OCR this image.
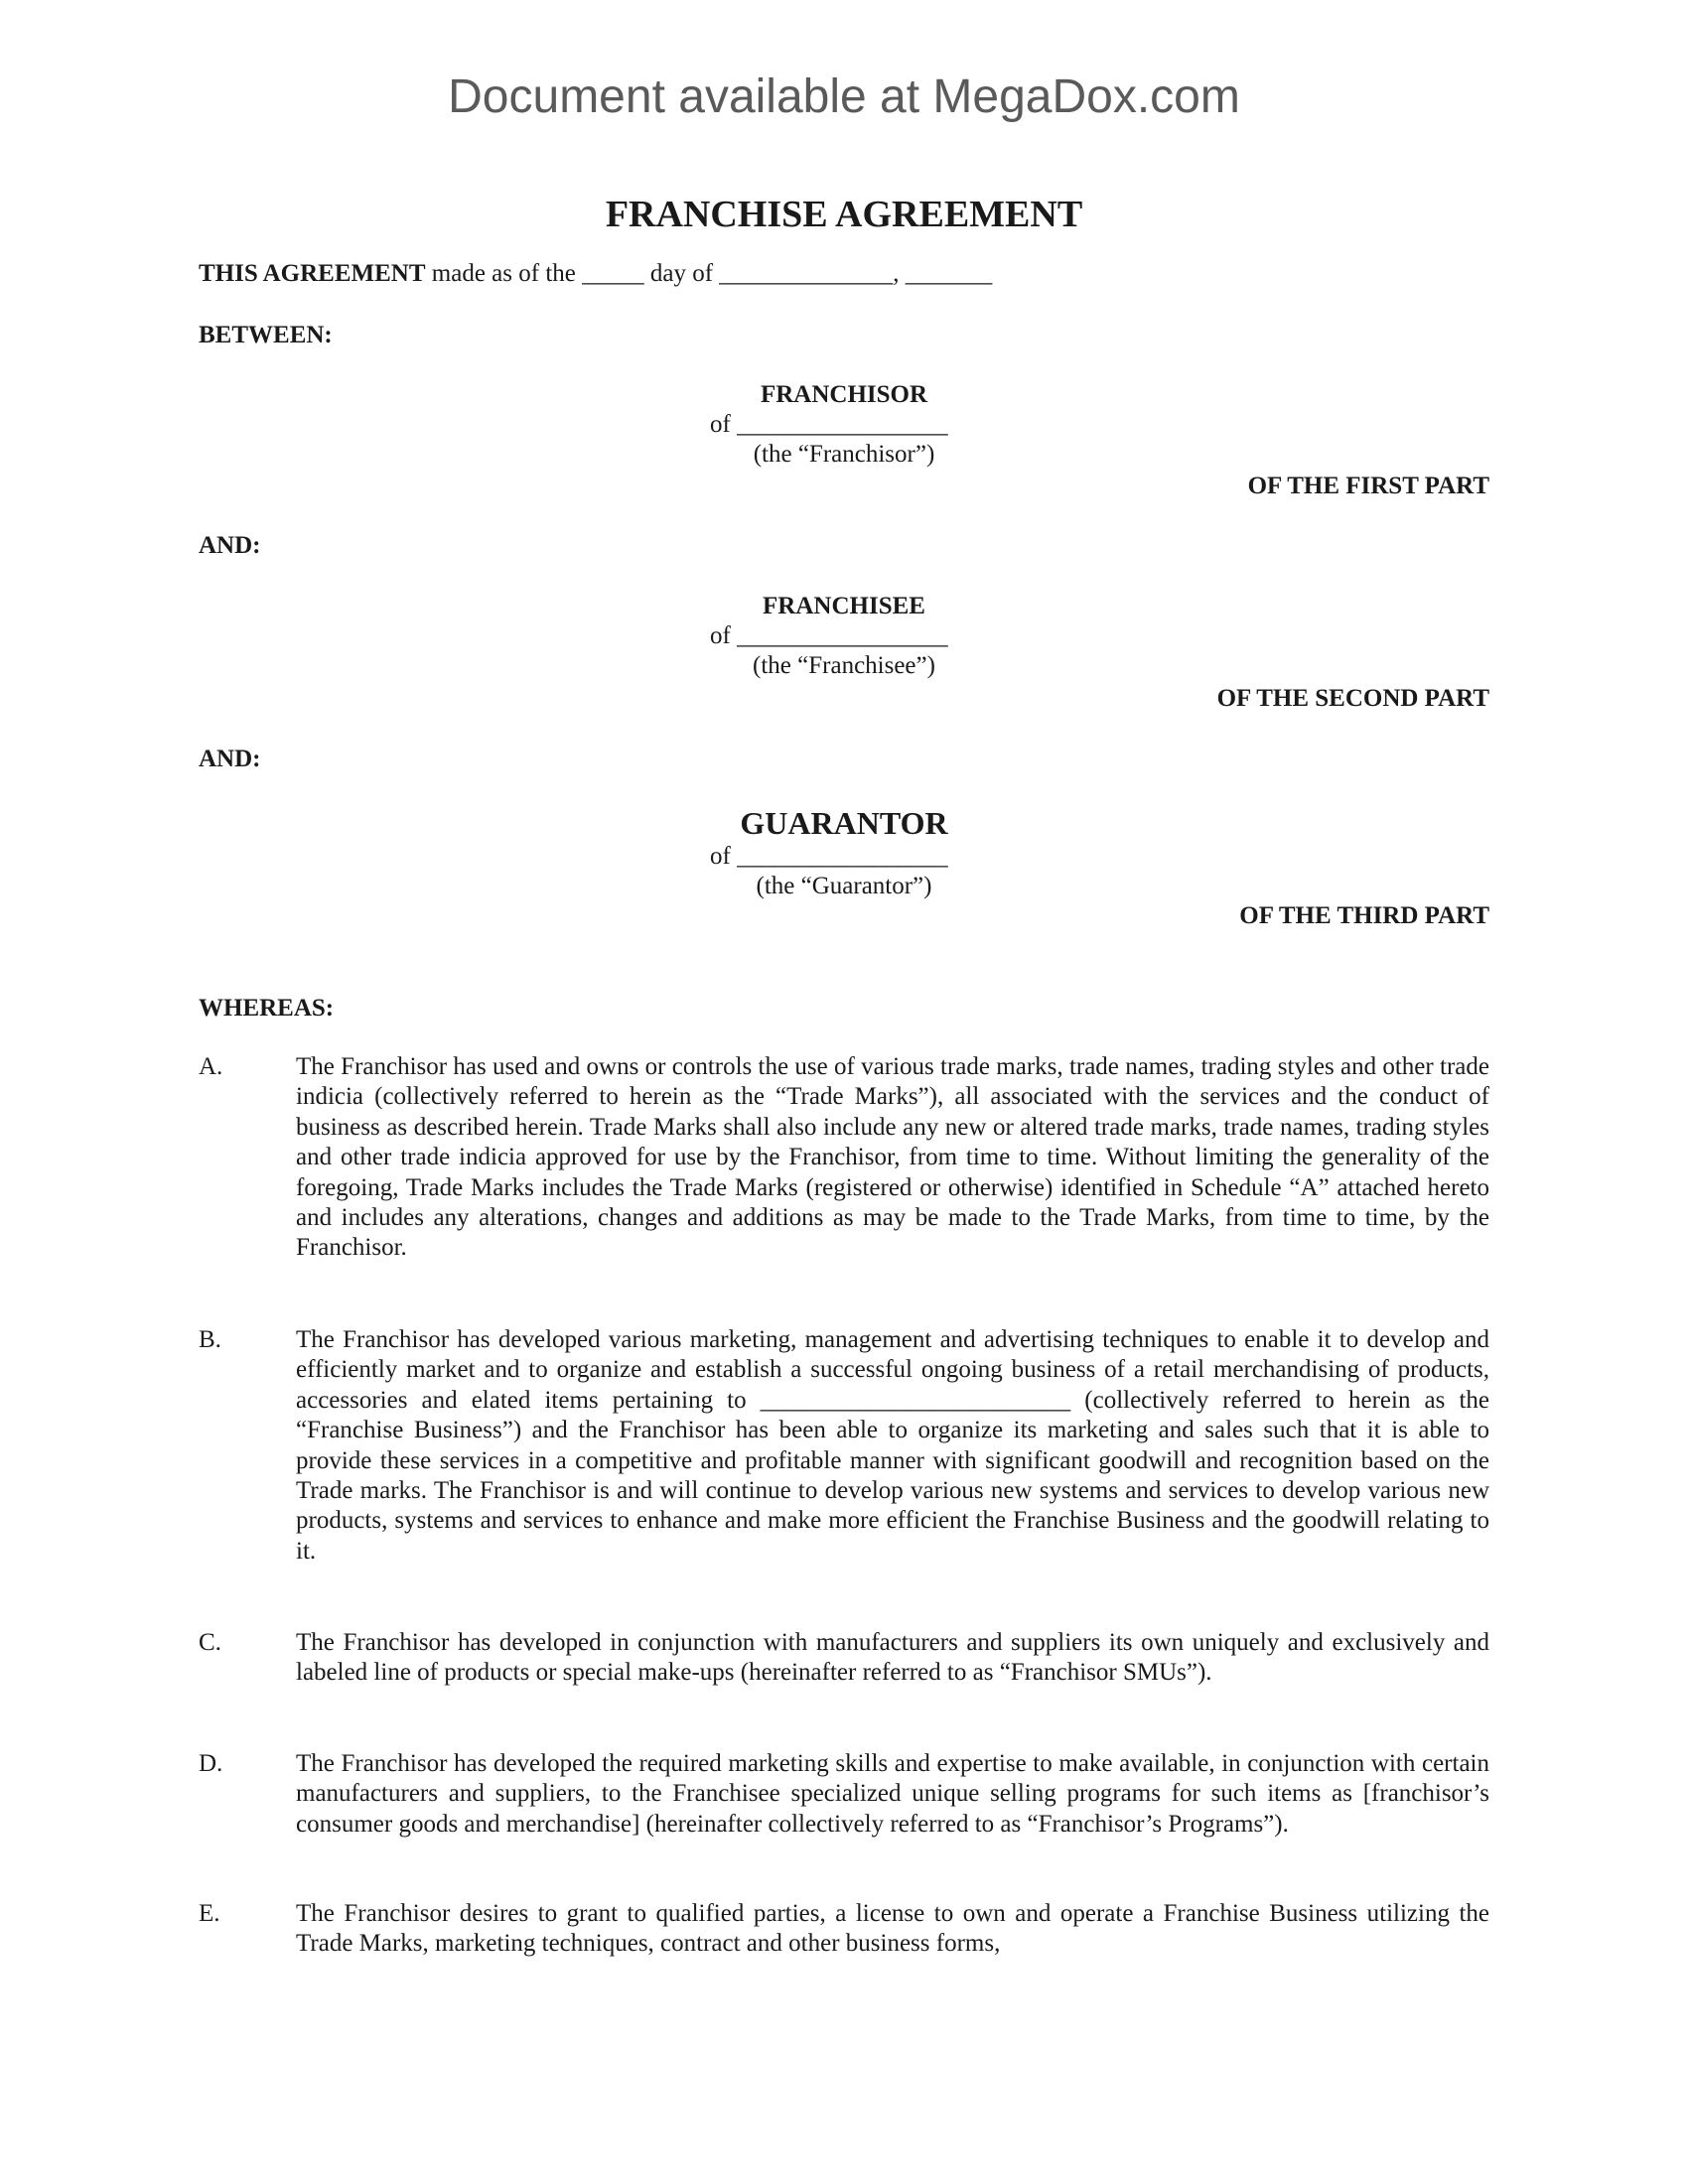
Document available at MegaDox.com
FRANCHISE AGREEMENT
THIS AGREEMENT made as of the _____ day of ______________, _______
BETWEEN:
FRANCHISOR
of _________________
(the “Franchisor”)
OF THE FIRST PART
AND:
FRANCHISEE
of _________________
(the “Franchisee”)
OF THE SECOND PART
AND:
GUARANTOR
of _________________
(the “Guarantor”)
OF THE THIRD PART
WHEREAS:
A.	The Franchisor has used and owns or controls the use of various trade marks, trade names, trading styles and other trade indicia (collectively referred to herein as the “Trade Marks”), all associated with the services and the conduct of business as described herein. Trade Marks shall also include any new or altered trade marks, trade names, trading styles and other trade indicia approved for use by the Franchisor, from time to time. Without limiting the generality of the foregoing, Trade Marks includes the Trade Marks (registered or otherwise) identified in Schedule “A” attached hereto and includes any alterations, changes and additions as may be made to the Trade Marks, from time to time, by the Franchisor.
B.	The Franchisor has developed various marketing, management and advertising techniques to enable it to develop and efficiently market and to organize and establish a successful ongoing business of a retail merchandising of products, accessories and elated items pertaining to _________________________ (collectively referred to herein as the “Franchise Business”) and the Franchisor has been able to organize its marketing and sales such that it is able to provide these services in a competitive and profitable manner with significant goodwill and recognition based on the Trade marks. The Franchisor is and will continue to develop various new systems and services to develop various new products, systems and services to enhance and make more efficient the Franchise Business and the goodwill relating to it.
C.	The Franchisor has developed in conjunction with manufacturers and suppliers its own uniquely and exclusively and labeled line of products or special make-ups (hereinafter referred to as “Franchisor SMUs”).
D.	The Franchisor has developed the required marketing skills and expertise to make available, in conjunction with certain manufacturers and suppliers, to the Franchisee specialized unique selling programs for such items as [franchisor’s consumer goods and merchandise] (hereinafter collectively referred to as “Franchisor’s Programs”).
E.	The Franchisor desires to grant to qualified parties, a license to own and operate a Franchise Business utilizing the Trade Marks, marketing techniques, contract and other business forms,
